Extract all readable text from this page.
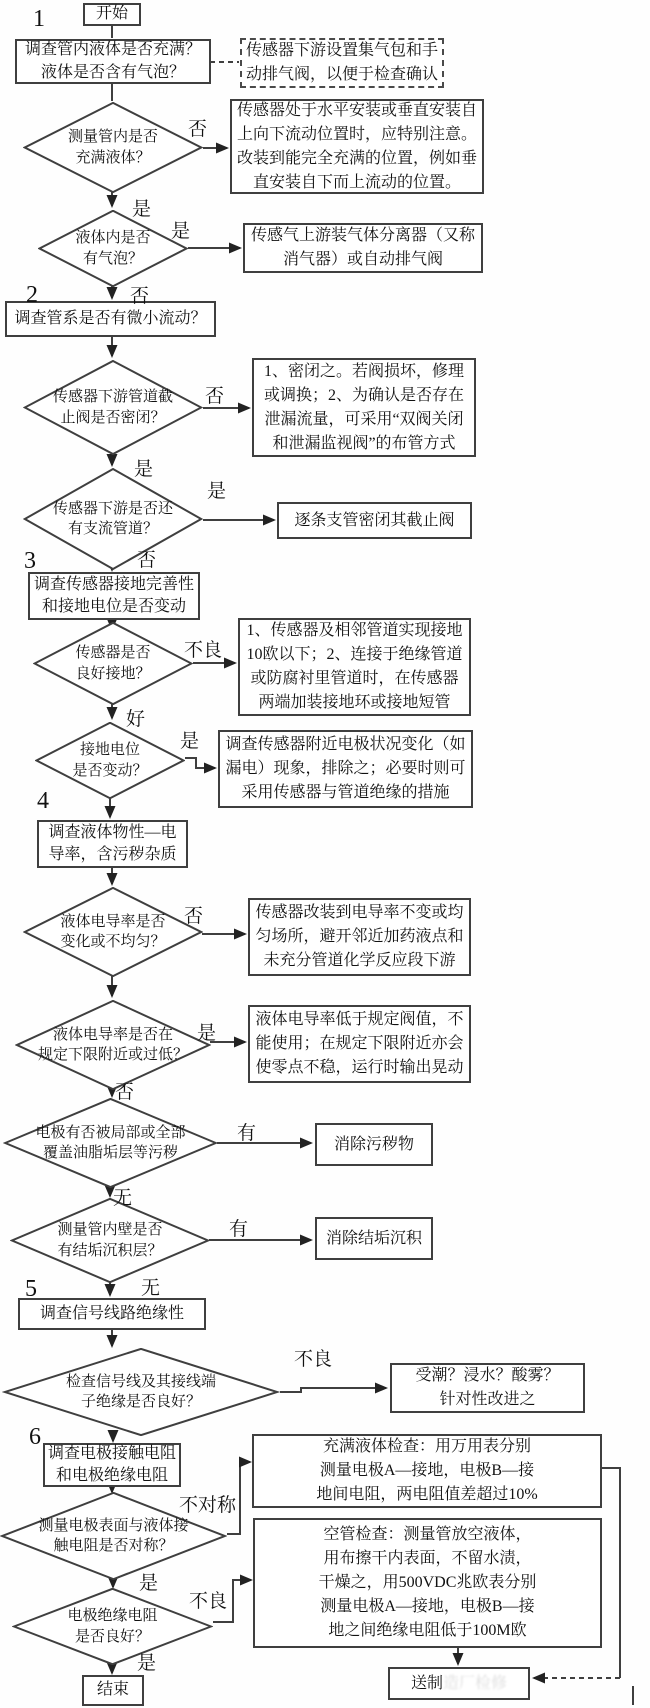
开始
调查管内液体是否充满？
液体是否含有气泡？
传感器下游设置集气包和手
动排气阀，以便于检查确认
传感器处于水平安装或垂直安装自
上向下流动位置时，应特别注意。
改装到能完全充满的位置，例如垂
直安装自下而上流动的位置。
测量管内是否
充满液体？
液体内是否
有气泡？
传感气上游装气体分离器（又称
消气器）或自动排气阀
调查管系是否有微小流动？
传感器下游管道截
止阀是否密闭？
1、密闭之。若阀损坏，修理
或调换；2、为确认是否存在
泄漏流量，可采用“双阀关闭
和泄漏监视阀”的布管方式
传感器下游是否还
有支流管道？
逐条支管密闭其截止阀
调查传感器接地完善性
和接地电位是否变动
传感器是否
良好接地？
1、传感器及相邻管道实现接地
10欧以下；2、连接于绝缘管道
或防腐衬里管道时，在传感器
两端加装接地环或接地短管
接地电位
是否变动？
调查传感器附近电极状况变化（如
漏电）现象，排除之；必要时则可
采用传感器与管道绝缘的措施
调查液体物性—电
导率，含污秽杂质
液体电导率是否
变化或不均匀？
传感器改装到电导率不变或均
匀场所，避开邻近加药液点和
未充分管道化学反应段下游
液体电导率是否在
规定下限附近或过低？
液体电导率低于规定阀值，不
能使用；在规定下限附近亦会
使零点不稳，运行时输出晃动
电极有否被局部或全部
覆盖油脂垢层等污秽
消除污秽物
测量管内壁是否
有结垢沉积层？
消除结垢沉积
调查信号线路绝缘性
检查信号线及其接线端
子绝缘是否良好？
受潮？浸水？酸雾？
针对性改进之
调查电极接触电阻
和电极绝缘电阻
充满液体检查：用万用表分别
测量电极A—接地，电极B—接
地间电阻，两电阻值差超过10%
测量电极表面与液体接
触电阻是否对称？
空管检查：测量管放空液体，
用布擦干内表面，不留水渍，
干燥之，用500VDC兆欧表分别
测量电极A—接地，电极B—接
地之间绝缘电阻低于100M欧
电极绝缘电阻
是否良好？
结束	送制造厂检修
否
是
是
否
否
是
是
否
不良
好
是
否
是
否
有
无
有
无
不良
不对称
是
不良
是
1
2
3
4
5
6
